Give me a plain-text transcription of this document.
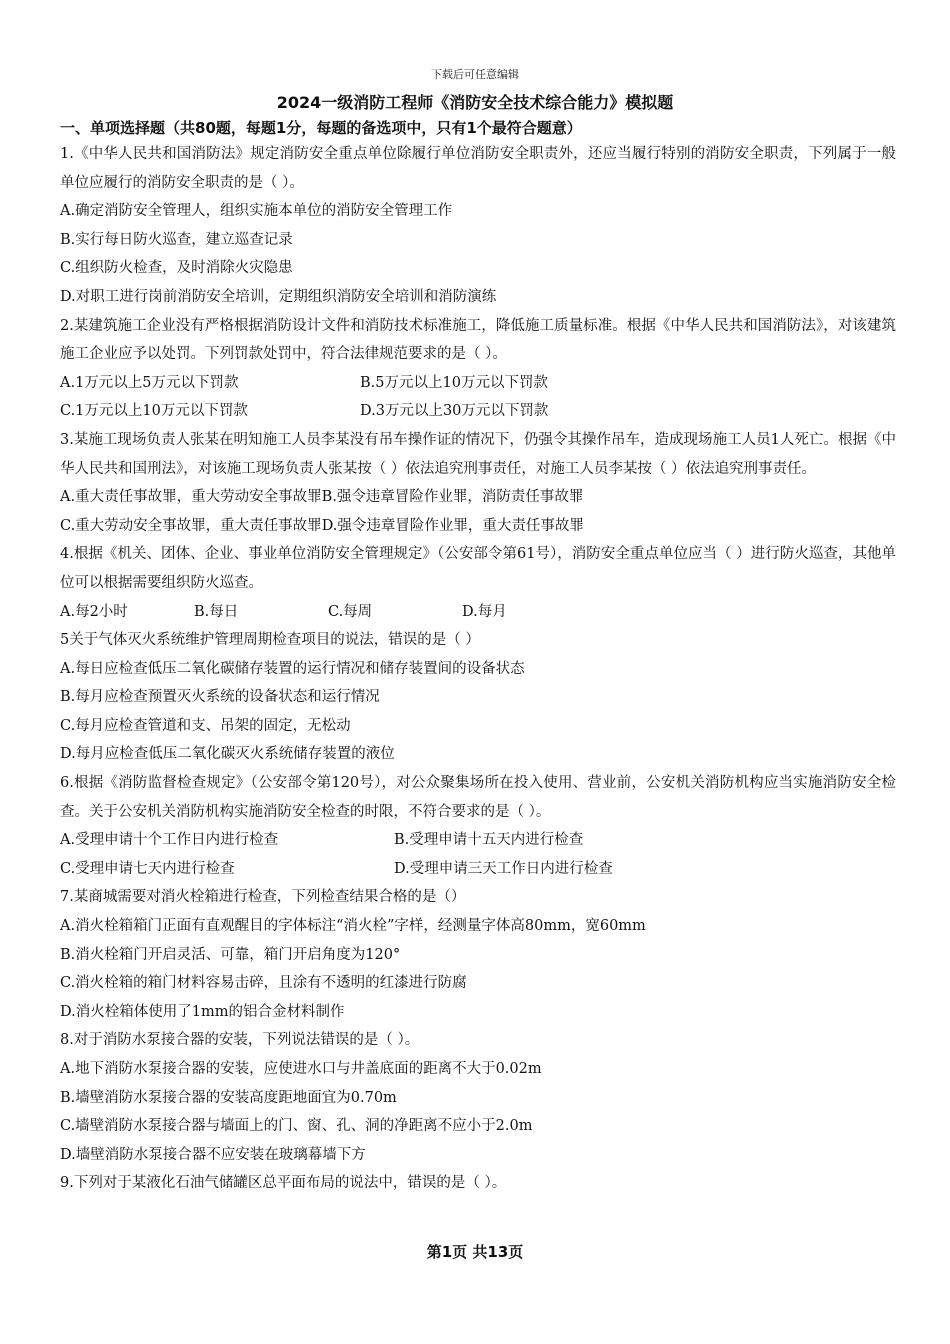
下载后可任意编辑
2024一级消防工程师《消防安全技术综合能力》模拟题
一、单项选择题（共80题，每题1分，每题的备选项中，只有1个最符合题意）
1.《中华人民共和国消防法》规定消防安全重点单位除履行单位消防安全职责外，还应当履行特别的消防安全职责，下列属于一般单位应履行的消防安全职责的是（ ）。
A.确定消防安全管理人，组织实施本单位的消防安全管理工作
B.实行每日防火巡查，建立巡查记录
C.组织防火检查，及时消除火灾隐患
D.对职工进行岗前消防安全培训，定期组织消防安全培训和消防演练
2.某建筑施工企业没有严格根据消防设计文件和消防技术标准施工，降低施工质量标准。根据《中华人民共和国消防法》，对该建筑施工企业应予以处罚。下列罚款处罚中，符合法律规范要求的是（ ）。
A.1万元以上5万元以下罚款	B.5万元以上10万元以下罚款
C.1万元以上10万元以下罚款	D.3万元以上30万元以下罚款
3.某施工现场负责人张某在明知施工人员李某没有吊车操作证的情况下，仍强令其操作吊车，造成现场施工人员1人死亡。根据《中华人民共和国刑法》，对该施工现场负责人张某按（ ）依法追究刑事责任，对施工人员李某按（ ）依法追究刑事责任。
A.重大责任事故罪，重大劳动安全事故罪B.强令违章冒险作业罪，消防责任事故罪
C.重大劳动安全事故罪，重大责任事故罪D.强令违章冒险作业罪，重大责任事故罪
4.根据《机关、团体、企业、事业单位消防安全管理规定》（公安部令第61号），消防安全重点单位应当（ ）进行防火巡查，其他单位可以根据需要组织防火巡查。
A.每2小时	B.每日	C.每周	D.每月
5关于气体灭火系统维护管理周期检查项目的说法，错误的是（ ）
A.每日应检查低压二氧化碳储存装置的运行情况和储存装置间的设备状态
B.每月应检查预置灭火系统的设备状态和运行情况
C.每月应检查管道和支、吊架的固定，无松动
D.每月应检查低压二氧化碳灭火系统储存装置的液位
6.根据《消防监督检查规定》（公安部令第120号），对公众聚集场所在投入使用、营业前，公安机关消防机构应当实施消防安全检查。关于公安机关消防机构实施消防安全检查的时限，不符合要求的是（ ）。
A.受理申请十个工作日内进行检查	B.受理申请十五天内进行检查
C.受理申请七天内进行检查	D.受理申请三天工作日内进行检查
7.某商城需要对消火栓箱进行检查，下列检查结果合格的是（）
A.消火栓箱箱门正面有直观醒目的字体标注“消火栓”字样，经测量字体高80mm，宽60mm
B.消火栓箱门开启灵活、可靠，箱门开启角度为120°
C.消火栓箱的箱门材料容易击碎，且涂有不透明的红漆进行防腐
D.消火栓箱体使用了1mm的铝合金材料制作
8.对于消防水泵接合器的安装，下列说法错误的是（ ）。
A.地下消防水泵接合器的安装，应使进水口与井盖底面的距离不大于0.02m
B.墙壁消防水泵接合器的安装高度距地面宜为0.70m
C.墙壁消防水泵接合器与墙面上的门、窗、孔、洞的净距离不应小于2.0m
D.墙壁消防水泵接合器不应安装在玻璃幕墙下方
9.下列对于某液化石油气储罐区总平面布局的说法中，错误的是（ ）。
第1页 共13页
